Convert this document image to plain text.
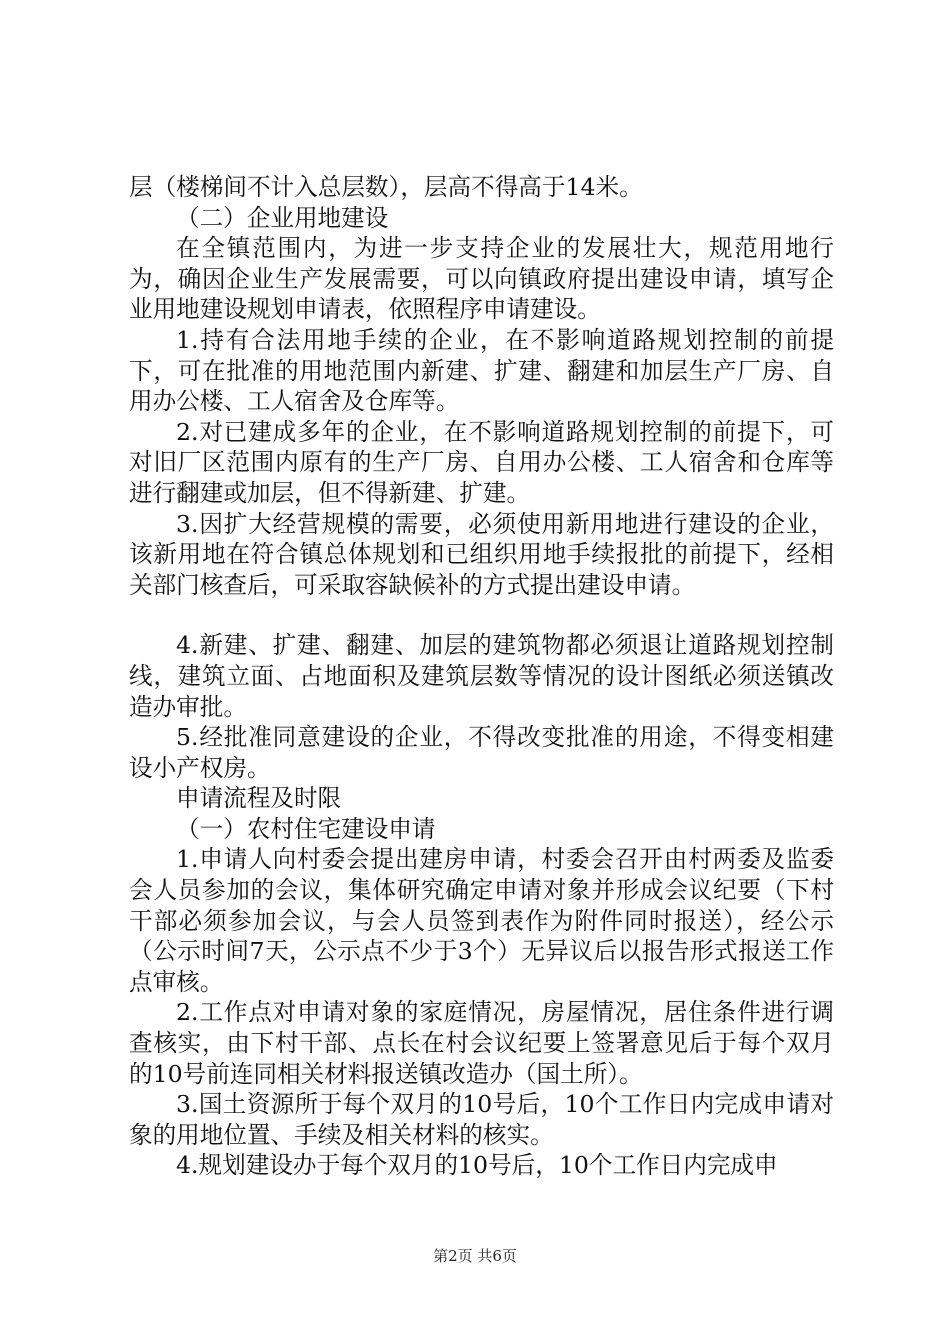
层（楼梯间不计入总层数），层高不得高于14米。

（二）企业用地建设

在全镇范围内，为进一步支持企业的发展壮大，规范用地行为，确因企业生产发展需要，可以向镇政府提出建设申请，填写企业用地建设规划申请表，依照程序申请建设。

1.持有合法用地手续的企业，在不影响道路规划控制的前提下，可在批准的用地范围内新建、扩建、翻建和加层生产厂房、自用办公楼、工人宿舍及仓库等。

2.对已建成多年的企业，在不影响道路规划控制的前提下，可对旧厂区范围内原有的生产厂房、自用办公楼、工人宿舍和仓库等进行翻建或加层，但不得新建、扩建。

3.因扩大经营规模的需要，必须使用新用地进行建设的企业，该新用地在符合镇总体规划和已组织用地手续报批的前提下，经相关部门核查后，可采取容缺候补的方式提出建设申请。

4.新建、扩建、翻建、加层的建筑物都必须退让道路规划控制线，建筑立面、占地面积及建筑层数等情况的设计图纸必须送镇改造办审批。

5.经批准同意建设的企业，不得改变批准的用途，不得变相建设小产权房。

申请流程及时限

（一）农村住宅建设申请

1.申请人向村委会提出建房申请，村委会召开由村两委及监委会人员参加的会议，集体研究确定申请对象并形成会议纪要（下村干部必须参加会议，与会人员签到表作为附件同时报送），经公示（公示时间7天，公示点不少于3个）无异议后以报告形式报送工作点审核。

2.工作点对申请对象的家庭情况，房屋情况，居住条件进行调查核实，由下村干部、点长在村会议纪要上签署意见后于每个双月的10号前连同相关材料报送镇改造办（国土所）。

3.国土资源所于每个双月的10号后，10个工作日内完成申请对象的用地位置、手续及相关材料的核实。

4.规划建设办于每个双月的10号后，10个工作日内完成申

第2页 共6页
